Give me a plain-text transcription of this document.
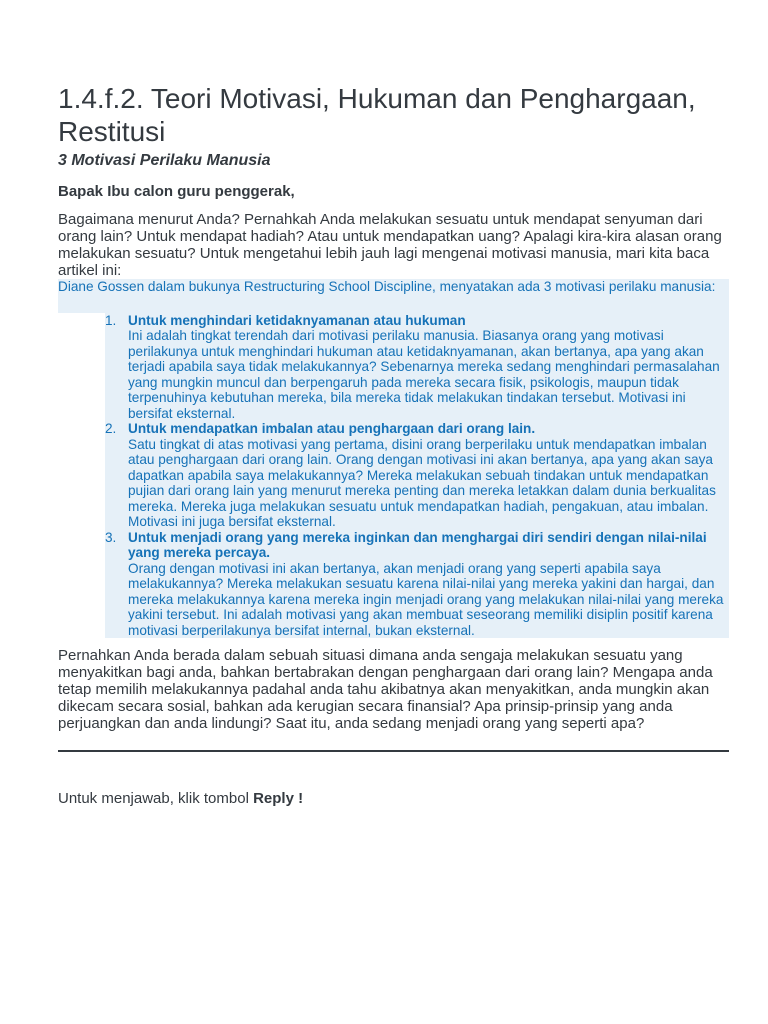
1.4.f.2. Teori Motivasi, Hukuman dan Penghargaan, Restitusi

3 Motivasi Perilaku Manusia

Bapak Ibu calon guru penggerak,

Bagaimana menurut Anda? Pernahkah Anda melakukan sesuatu untuk mendapat senyuman dari orang lain? Untuk mendapat hadiah? Atau untuk mendapatkan uang? Apalagi kira-kira alasan orang melakukan sesuatu? Untuk mengetahui lebih jauh lagi mengenai motivasi manusia, mari kita baca artikel ini:

Diane Gossen dalam bukunya Restructuring School Discipline, menyatakan ada 3 motivasi perilaku manusia:
1. Untuk menghindari ketidaknyamanan atau hukuman
Ini adalah tingkat terendah dari motivasi perilaku manusia. Biasanya orang yang motivasi perilakunya untuk menghindari hukuman atau ketidaknyamanan, akan bertanya, apa yang akan terjadi apabila saya tidak melakukannya? Sebenarnya mereka sedang menghindari permasalahan yang mungkin muncul dan berpengaruh pada mereka secara fisik, psikologis, maupun tidak terpenuhinya kebutuhan mereka, bila mereka tidak melakukan tindakan tersebut. Motivasi ini bersifat eksternal.
2. Untuk mendapatkan imbalan atau penghargaan dari orang lain.
Satu tingkat di atas motivasi yang pertama, disini orang berperilaku untuk mendapatkan imbalan atau penghargaan dari orang lain. Orang dengan motivasi ini akan bertanya, apa yang akan saya dapatkan apabila saya melakukannya? Mereka melakukan sebuah tindakan untuk mendapatkan pujian dari orang lain yang menurut mereka penting dan mereka letakkan dalam dunia berkualitas mereka. Mereka juga melakukan sesuatu untuk mendapatkan hadiah, pengakuan, atau imbalan. Motivasi ini juga bersifat eksternal.
3. Untuk menjadi orang yang mereka inginkan dan menghargai diri sendiri dengan nilai-nilai yang mereka percaya.
Orang dengan motivasi ini akan bertanya, akan menjadi orang yang seperti apabila saya melakukannya? Mereka melakukan sesuatu karena nilai-nilai yang mereka yakini dan hargai, dan mereka melakukannya karena mereka ingin menjadi orang yang melakukan nilai-nilai yang mereka yakini tersebut. Ini adalah motivasi yang akan membuat seseorang memiliki disiplin positif karena motivasi berperilakunya bersifat internal, bukan eksternal.

Pernahkan Anda berada dalam sebuah situasi dimana anda sengaja melakukan sesuatu yang menyakitkan bagi anda, bahkan bertabrakan dengan penghargaan dari orang lain? Mengapa anda tetap memilih melakukannya padahal anda tahu akibatnya akan menyakitkan, anda mungkin akan dikecam secara sosial, bahkan ada kerugian secara finansial? Apa prinsip-prinsip yang anda perjuangkan dan anda lindungi? Saat itu, anda sedang menjadi orang yang seperti apa?

Untuk menjawab, klik tombol Reply !
